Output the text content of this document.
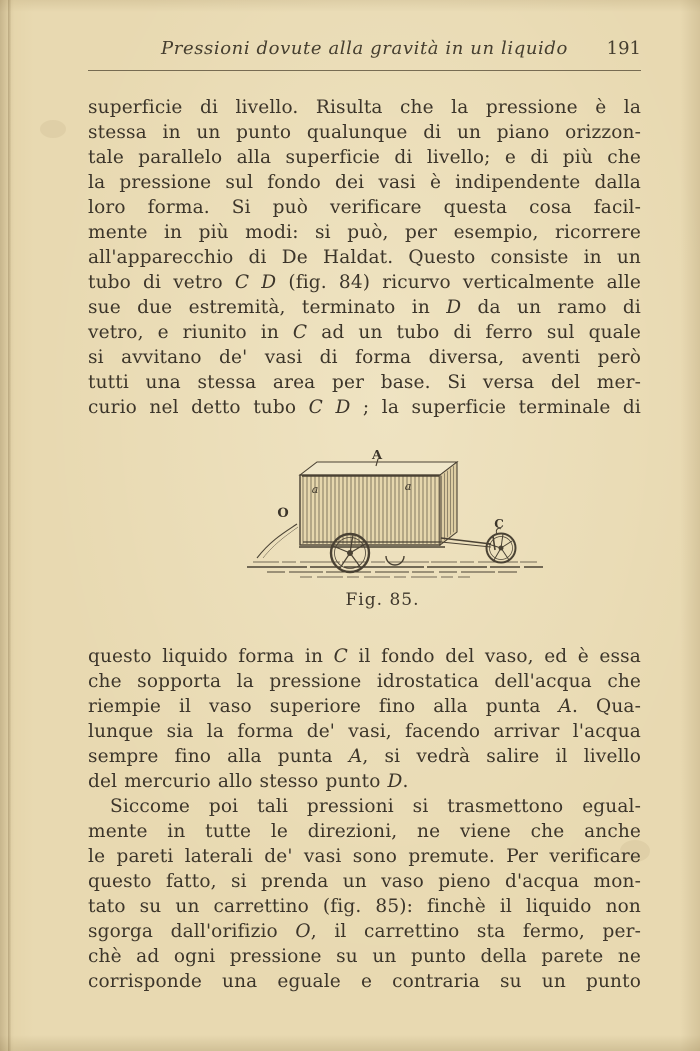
Pressioni dovute alla gravità in un liquido	191
superficie di livello. Risulta che la pressione è la
stessa in un punto qualunque di un piano orizzon-
tale parallelo alla superficie di livello; e di più che
la pressione sul fondo dei vasi è indipendente dalla
loro forma. Si può verificare questa cosa facil-
mente in più modi: si può, per esempio, ricorrere
all'apparecchio di De Haldat. Questo consiste in un
tubo di vetro C D (fig. 84) ricurvo verticalmente alle
sue due estremità, terminato in D da un ramo di
vetro, e riunito in C ad un tubo di ferro sul quale
si avvitano de' vasi di forma diversa, aventi però
tutti una stessa area per base. Si versa del mer-
curio nel detto tubo C D ; la superficie terminale di
A
a	a
O
C
Fig. 85.
questo liquido forma in C il fondo del vaso, ed è essa
che sopporta la pressione idrostatica dell'acqua che
riempie il vaso superiore fino alla punta A. Qua-
lunque sia la forma de' vasi, facendo arrivar l'acqua
sempre fino alla punta A, si vedrà salire il livello
del mercurio allo stesso punto D.
Siccome poi tali pressioni si trasmettono egual-
mente in tutte le direzioni, ne viene che anche
le pareti laterali de' vasi sono premute. Per verificare
questo fatto, si prenda un vaso pieno d'acqua mon-
tato su un carrettino (fig. 85): finchè il liquido non
sgorga dall'orifizio O, il carrettino sta fermo, per-
chè ad ogni pressione su un punto della parete ne
corrisponde una eguale e contraria su un punto
